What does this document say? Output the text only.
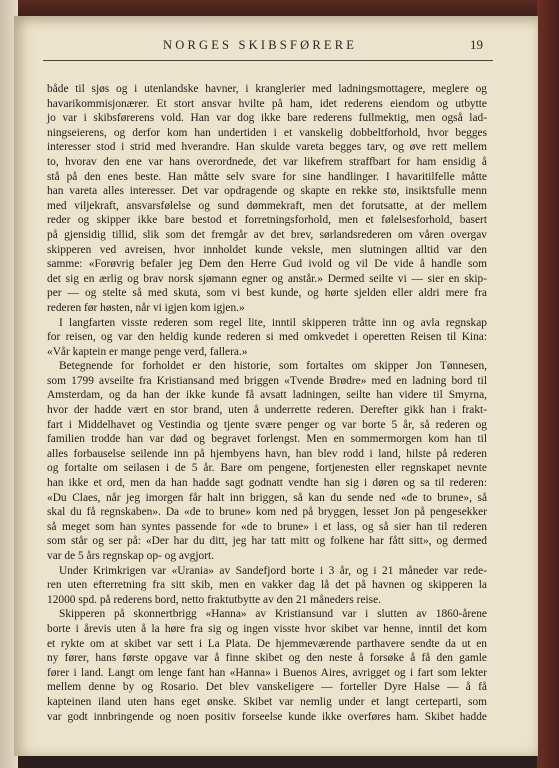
NORGES SKIBSFØRERE	19
både til sjøs og i utenlandske havner, i kranglerier med ladningsmottagere, meglere og
havarikommisjonærer. Et stort ansvar hvilte på ham, idet rederens eiendom og utbytte
jo var i skibsførerens vold. Han var dog ikke bare rederens fullmektig, men også lad-
ningseierens, og derfor kom han undertiden i et vanskelig dobbeltforhold, hvor begges
interesser stod i strid med hverandre. Han skulde vareta begges tarv, og øve rett mellem
to, hvorav den ene var hans overordnede, det var likefrem straffbart for ham ensidig å
stå på den enes beste. Han måtte selv svare for sine handlinger. I havaritilfelle måtte
han vareta alles interesser. Det var opdragende og skapte en rekke stø, insiktsfulle menn
med viljekraft, ansvarsfølelse og sund dømmekraft, men det forutsatte, at der mellem
reder og skipper ikke bare bestod et forretningsforhold, men et følelsesforhold, basert
på gjensidig tillid, slik som det fremgår av det brev, sørlandsrederen om våren overgav
skipperen ved avreisen, hvor innholdet kunde veksle, men slutningen alltid var den
samme: «Forøvrig befaler jeg Dem den Herre Gud ivold og vil De vide å handle som
det sig en ærlig og brav norsk sjømann egner og anstår.» Dermed seilte vi — sier en skip-
per — og stelte så med skuta, som vi best kunde, og hørte sjelden eller aldri mere fra
rederen før høsten, når vi igjen kom igjen.»
I langfarten visste rederen som regel lite, inntil skipperen tråtte inn og avla regnskap
for reisen, og var den heldig kunde rederen si med omkvedet i operetten Reisen til Kina:
«Vår kaptein er mange penge verd, fallera.»
Betegnende for forholdet er den historie, som fortaltes om skipper Jon Tønnesen,
som 1799 avseilte fra Kristiansand med briggen «Tvende Brødre» med en ladning bord til
Amsterdam, og da han der ikke kunde få avsatt ladningen, seilte han videre til Smyrna,
hvor der hadde vært en stor brand, uten å underrette rederen. Derefter gikk han i frakt-
fart i Middelhavet og Vestindia og tjente svære penger og var borte 5 år, så rederen og
familien trodde han var død og begravet forlengst. Men en sommermorgen kom han til
alles forbauselse seilende inn på hjembyens havn, han blev rodd i land, hilste på rederen
og fortalte om seilasen i de 5 år. Bare om pengene, fortjenesten eller regnskapet nevnte
han ikke et ord, men da han hadde sagt godnatt vendte han sig i døren og sa til rederen:
«Du Claes, når jeg imorgen får halt inn briggen, så kan du sende ned «de to brune», så
skal du få regnskaben». Da «de to brune» kom ned på bryggen, lesset Jon på pengesekker
så meget som han syntes passende for «de to brune» i et lass, og så sier han til rederen
som står og ser på: «Der har du ditt, jeg har tatt mitt og folkene har fått sitt», og dermed
var de 5 års regnskap op- og avgjort.
Under Krimkrigen var «Urania» av Sandefjord borte i 3 år, og i 21 måneder var rede-
ren uten efterretning fra sitt skib, men en vakker dag lå det på havnen og skipperen la
12000 spd. på rederens bord, netto fraktutbytte av den 21 måneders reise.
Skipperen på skonnertbrigg «Hanna» av Kristiansund var i slutten av 1860-årene
borte i årevis uten å la høre fra sig og ingen visste hvor skibet var henne, inntil det kom
et rykte om at skibet var sett i La Plata. De hjemmeværende parthavere sendte da ut en
ny fører, hans første opgave var å finne skibet og den neste å forsøke å få den gamle
fører i land. Langt om lenge fant han «Hanna» i Buenos Aires, avrigget og i fart som lekter
mellem denne by og Rosario. Det blev vanskeligere — forteller Dyre Halse — å få
kapteinen iland uten hans eget ønske. Skibet var nemlig under et langt certeparti, som
var godt innbringende og noen positiv forseelse kunde ikke overføres ham. Skibet hadde
